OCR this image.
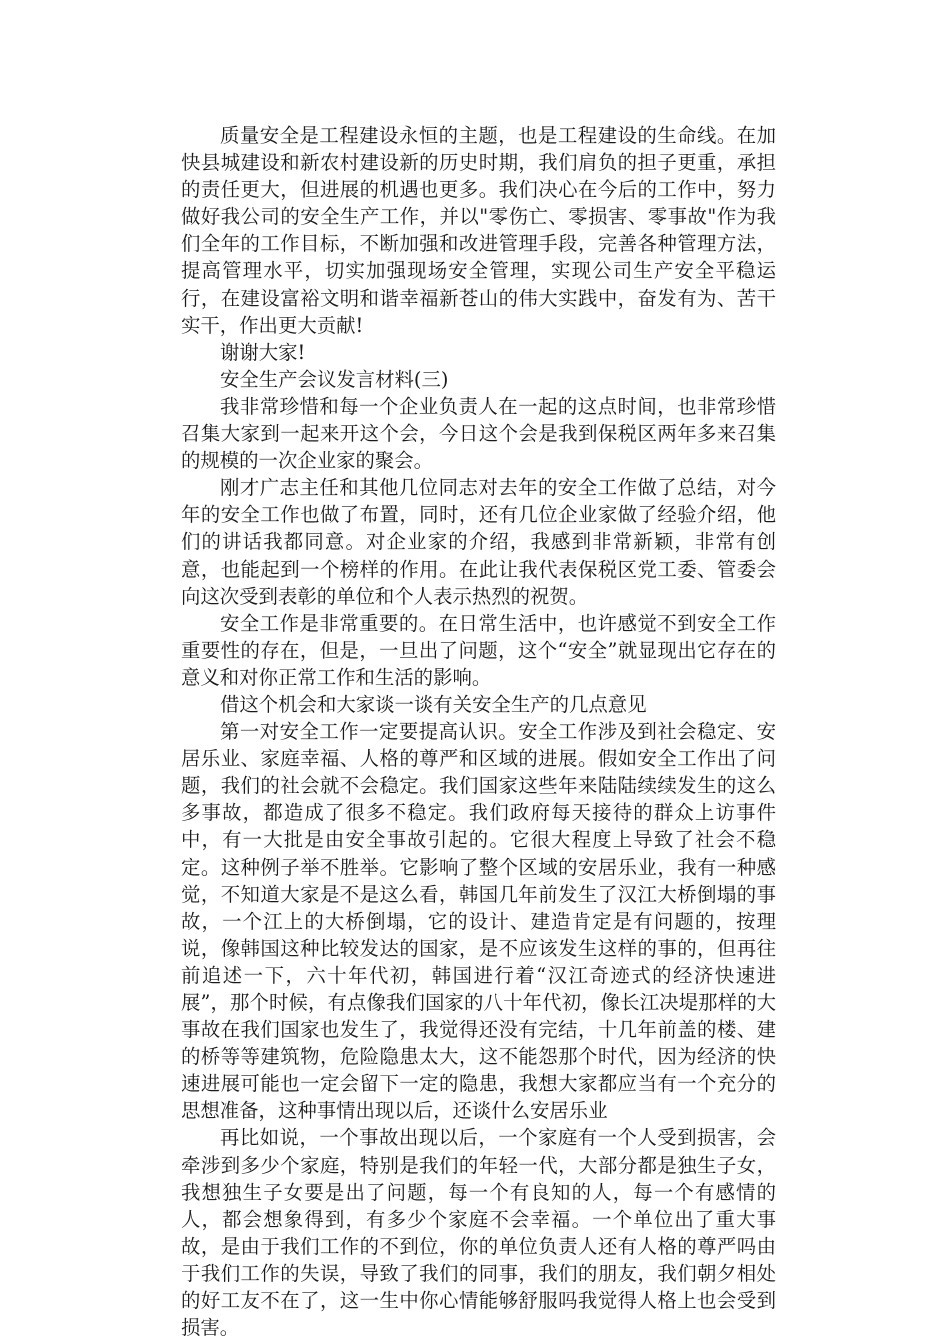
质量安全是工程建设永恒的主题，也是工程建设的生命线。在加快县城建设和新农村建设新的历史时期，我们肩负的担子更重，承担的责任更大，但进展的机遇也更多。我们决心在今后的工作中，努力做好我公司的安全生产工作，并以"零伤亡、零损害、零事故"作为我们全年的工作目标，不断加强和改进管理手段，完善各种管理方法，提高管理水平，切实加强现场安全管理，实现公司生产安全平稳运行，在建设富裕文明和谐幸福新苍山的伟大实践中，奋发有为、苦干实干，作出更大贡献!

谢谢大家!

安全生产会议发言材料(三)

我非常珍惜和每一个企业负责人在一起的这点时间，也非常珍惜召集大家到一起来开这个会，今日这个会是我到保税区两年多来召集的规模的一次企业家的聚会。

刚才广志主任和其他几位同志对去年的安全工作做了总结，对今年的安全工作也做了布置，同时，还有几位企业家做了经验介绍，他们的讲话我都同意。对企业家的介绍，我感到非常新颖，非常有创意，也能起到一个榜样的作用。在此让我代表保税区党工委、管委会向这次受到表彰的单位和个人表示热烈的祝贺。

安全工作是非常重要的。在日常生活中，也许感觉不到安全工作重要性的存在，但是，一旦出了问题，这个“安全”就显现出它存在的意义和对你正常工作和生活的影响。

借这个机会和大家谈一谈有关安全生产的几点意见

第一对安全工作一定要提高认识。安全工作涉及到社会稳定、安居乐业、家庭幸福、人格的尊严和区域的进展。假如安全工作出了问题，我们的社会就不会稳定。我们国家这些年来陆陆续续发生的这么多事故，都造成了很多不稳定。我们政府每天接待的群众上访事件中，有一大批是由安全事故引起的。它很大程度上导致了社会不稳定。这种例子举不胜举。它影响了整个区域的安居乐业，我有一种感觉，不知道大家是不是这么看，韩国几年前发生了汉江大桥倒塌的事故，一个江上的大桥倒塌，它的设计、建造肯定是有问题的，按理说，像韩国这种比较发达的国家，是不应该发生这样的事的，但再往前追述一下，六十年代初，韩国进行着“汉江奇迹式的经济快速进展”，那个时候，有点像我们国家的八十年代初，像长江决堤那样的大事故在我们国家也发生了，我觉得还没有完结，十几年前盖的楼、建的桥等等建筑物，危险隐患太大，这不能怨那个时代，因为经济的快速进展可能也一定会留下一定的隐患，我想大家都应当有一个充分的思想准备，这种事情出现以后，还谈什么安居乐业

再比如说，一个事故出现以后，一个家庭有一个人受到损害，会牵涉到多少个家庭，特别是我们的年轻一代，大部分都是独生子女，我想独生子女要是出了问题，每一个有良知的人，每一个有感情的人，都会想象得到，有多少个家庭不会幸福。一个单位出了重大事故，是由于我们工作的不到位，你的单位负责人还有人格的尊严吗由于我们工作的失误，导致了我们的同事，我们的朋友，我们朝夕相处的好工友不在了，这一生中你心情能够舒服吗我觉得人格上也会受到损害。
